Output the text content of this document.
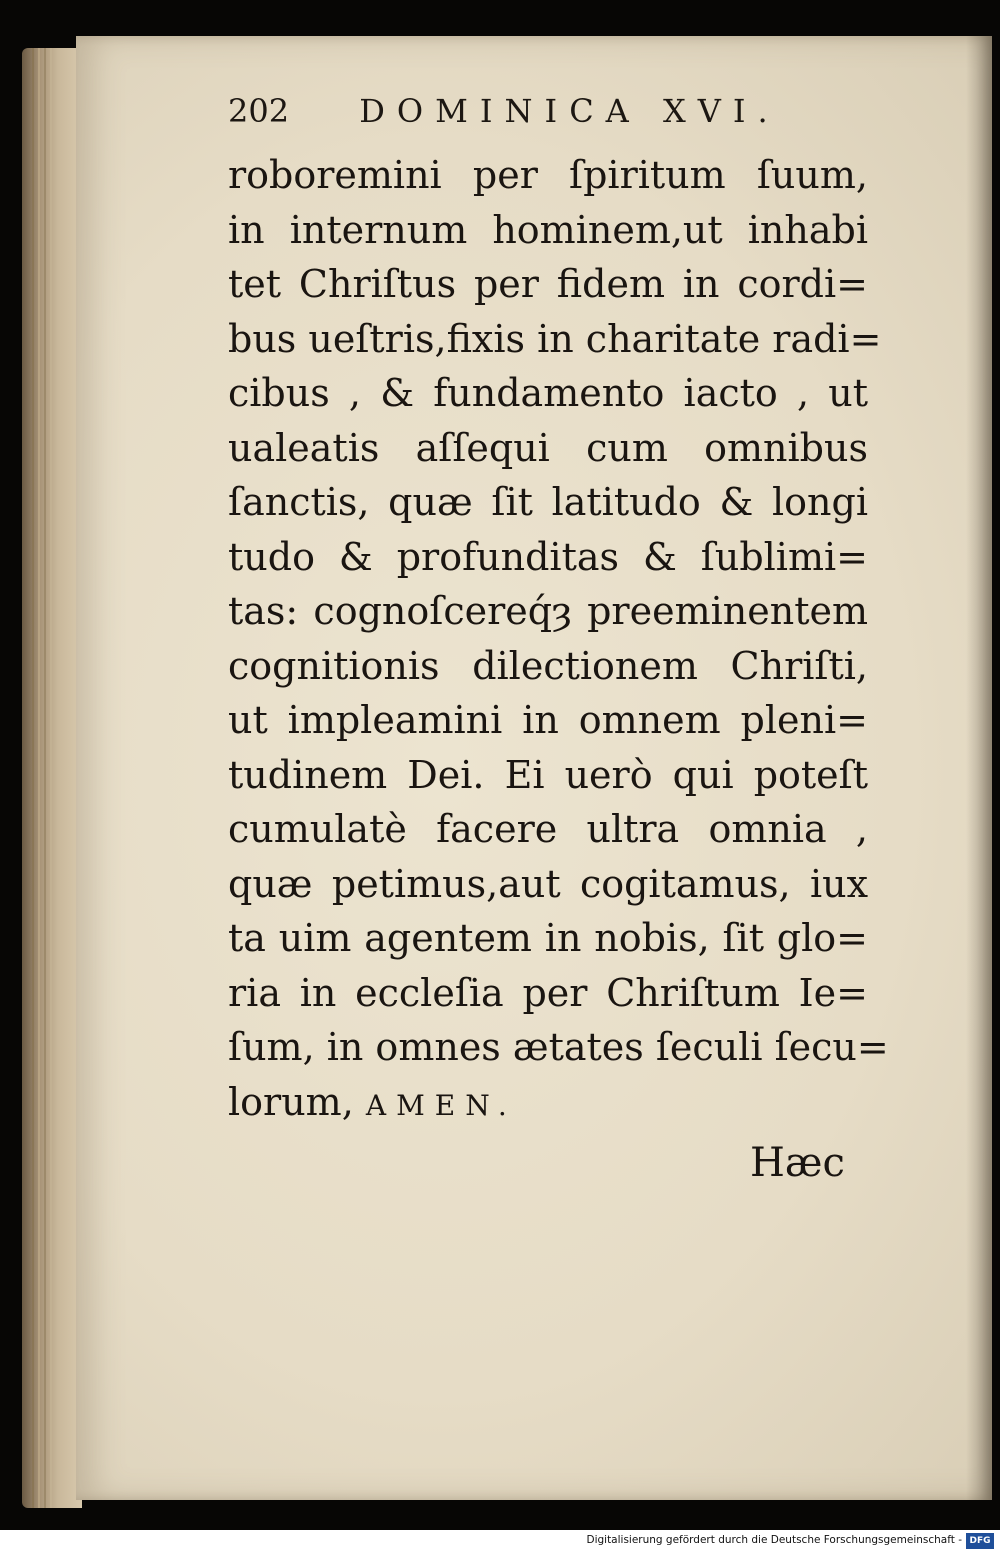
202 DOMINICA XVI.
roboremini per ſpiritum ſuum,
in internum hominem,ut inhabi
tet Chriſtus per fidem in cordi=
bus ueſtris,fixis in charitate radi=
cibus , & fundamento iacto , ut
ualeatis aſſequi cum omnibus
ſanctis, quæ ſit latitudo & longi
tudo & profunditas & ſublimi=
tas: cognoſcereq́ȝ preeminentem
cognitionis dilectionem Chriſti,
ut impleamini in omnem pleni=
tudinem Dei. Ei uerò qui poteſt
cumulatè facere ultra omnia ,
quæ petimus,aut cogitamus, iux
ta uim agentem in nobis, ſit glo=
ria in eccleſia per Chriſtum Ie=
ſum, in omnes ætates ſeculi ſecu=
lorum, AMEN.
Hæc
Digitalisierung gefördert durch die Deutsche Forschungsgemeinschaft - DFG
